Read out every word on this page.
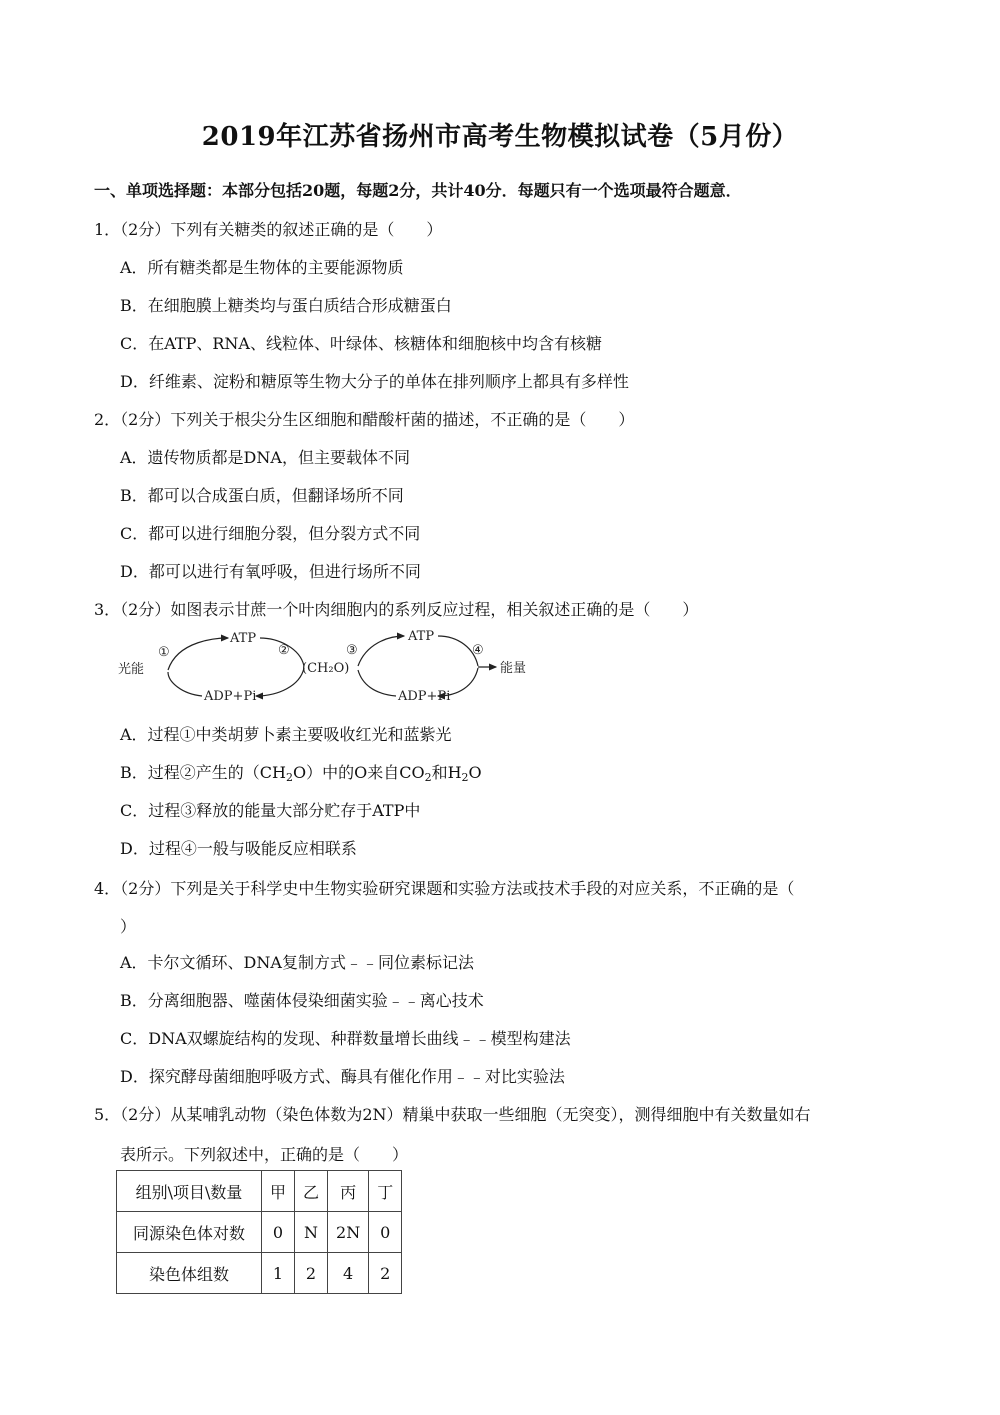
2019年江苏省扬州市高考生物模拟试卷（5月份）
一、单项选择题：本部分包括20题，每题2分，共计40分．每题只有一个选项最符合题意．
1．（2分）下列有关糖类的叙述正确的是（　　）
A．所有糖类都是生物体的主要能源物质
B．在细胞膜上糖类均与蛋白质结合形成糖蛋白
C．在ATP、RNA、线粒体、叶绿体、核糖体和细胞核中均含有核糖
D．纤维素、淀粉和糖原等生物大分子的单体在排列顺序上都具有多样性
2．（2分）下列关于根尖分生区细胞和醋酸杆菌的描述，不正确的是（　　）
A．遗传物质都是DNA，但主要载体不同
B．都可以合成蛋白质，但翻译场所不同
C．都可以进行细胞分裂，但分裂方式不同
D．都可以进行有氧呼吸，但进行场所不同
3．（2分）如图表示甘蔗一个叶肉细胞内的系列反应过程，相关叙述正确的是（　　）
光能
①
ATP
②
(CH₂O)
ADP+Pi
③
ATP
④
能量
ADP+Pi
A．过程①中类胡萝卜素主要吸收红光和蓝紫光
B．过程②产生的$(CH_2O)$中的O来自$CO_2$和$H_2O$
C．过程③释放的能量大部分贮存于ATP中
D．过程④一般与吸能反应相联系
4．（2分）下列是关于科学史中生物实验研究课题和实验方法或技术手段的对应关系，不正确的是（
）
A．卡尔文循环、DNA复制方式﹣﹣同位素标记法
B．分离细胞器、噬菌体侵染细菌实验﹣﹣离心技术
C．DNA双螺旋结构的发现、种群数量增长曲线﹣﹣模型构建法
D．探究酵母菌细胞呼吸方式、酶具有催化作用﹣﹣对比实验法
5．（2分）从某哺乳动物（染色体数为2N）精巢中获取一些细胞（无突变），测得细胞中有关数量如右
表所示。下列叙述中，正确的是（　　）
组别\项目\数量	甲	乙	丙	丁
同源染色体对数	0	N	2N	0
染色体组数	1	2	4	2
